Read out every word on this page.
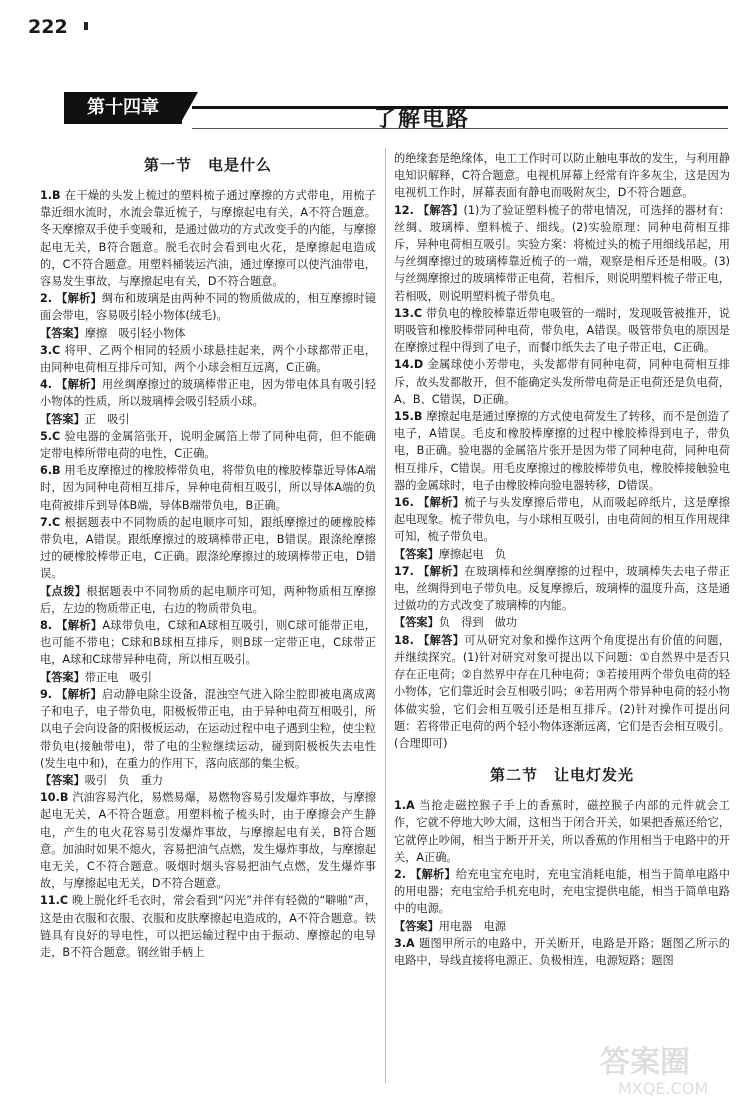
222
第十四章	了解电路
第一节　电是什么

1.B 在干燥的头发上梳过的塑料梳子通过摩擦的方式带电，用梳子靠近细水流时，水流会靠近梳子，与摩擦起电有关，A不符合题意。冬天摩擦双手使手变暖和，是通过做功的方式改变手的内能，与摩擦起电无关，B符合题意。脱毛衣时会看到电火花，是摩擦起电造成的，C不符合题意。用塑料桶装运汽油，通过摩擦可以使汽油带电，容易发生事故，与摩擦起电有关，D不符合题意。

2. 【解析】绸布和玻璃是由两种不同的物质做成的，相互摩擦时镜面会带电，容易吸引轻小物体(绒毛)。

【答案】摩擦　吸引轻小物体

3.C 将甲、乙两个相同的轻质小球悬挂起来，两个小球都带正电，由同种电荷相互排斥可知，两个小球会相互远离，C正确。

4. 【解析】用丝绸摩擦过的玻璃棒带正电，因为带电体具有吸引轻小物体的性质，所以玻璃棒会吸引轻质小球。

【答案】正　吸引

5.C 验电器的金属箔张开，说明金属箔上带了同种电荷，但不能确定带电棒所带电荷的电性，C正确。

6.B 用毛皮摩擦过的橡胶棒带负电，将带负电的橡胶棒靠近导体A端时，因为同种电荷相互排斥，异种电荷相互吸引，所以导体A端的负电荷被排斥到导体B端，导体B端带负电，B正确。

7.C 根据题表中不同物质的起电顺序可知，跟纸摩擦过的硬橡胶棒带负电，A错误。跟纸摩擦过的玻璃棒带正电，B错误。跟涤纶摩擦过的硬橡胶棒带正电，C正确。跟涤纶摩擦过的玻璃棒带正电，D错误。

【点拨】根据题表中不同物质的起电顺序可知，两种物质相互摩擦后，左边的物质带正电，右边的物质带负电。

8. 【解析】A球带负电，C球和A球相互吸引，则C球可能带正电，也可能不带电；C球和B球相互排斥，则B球一定带正电，C球带正电，A球和C球带异种电荷，所以相互吸引。

【答案】带正电　吸引

9. 【解析】启动静电除尘设备，混浊空气进入除尘腔即被电离成离子和电子，电子带负电，阳极板带正电，由于异种电荷互相吸引，所以电子会向设备的阳极板运动，在运动过程中电子遇到尘粒，使尘粒带负电(接触带电)，带了电的尘粒继续运动，碰到阳极板失去电性(发生电中和)，在重力的作用下，落向底部的集尘板。

【答案】吸引　负　重力

10.B 汽油容易汽化，易燃易爆，易燃物容易引发爆炸事故，与摩擦起电无关，A不符合题意。用塑料梳子梳头时，由于摩擦会产生静电，产生的电火花容易引发爆炸事故，与摩擦起电有关，B符合题意。加油时如果不熄火，容易把油气点燃，发生爆炸事故，与摩擦起电无关，C不符合题意。吸烟时烟头容易把油气点燃，发生爆炸事故，与摩擦起电无关，D不符合题意。

11.C 晚上脱化纤毛衣时，常会看到“闪光”并伴有轻微的“噼啪”声，这是由衣服和衣服、衣服和皮肤摩擦起电造成的，A不符合题意。铁链具有良好的导电性，可以把运输过程中由于振动、摩擦起的电导走，B不符合题意。钢丝钳手柄上

的绝缘套是绝缘体，电工工作时可以防止触电事故的发生，与利用静电知识解释，C符合题意。电视机屏幕上经常有许多灰尘，这是因为电视机工作时，屏幕表面有静电而吸附灰尘，D不符合题意。

12. 【解答】(1)为了验证塑料梳子的带电情况，可选择的器材有：丝绸、玻璃棒、塑料梳子、细线。(2)实验原理：同种电荷相互排斥，异种电荷相互吸引。实验方案：将梳过头的梳子用细线吊起，用与丝绸摩擦过的玻璃棒靠近梳子的一端，观察是相斥还是相吸。(3)与丝绸摩擦过的玻璃棒带正电荷，若相斥，则说明塑料梳子带正电，若相吸，则说明塑料梳子带负电。

13.C 带负电的橡胶棒靠近带电吸管的一端时，发现吸管被推开，说明吸管和橡胶棒带同种电荷，带负电，A错误。吸管带负电的原因是在摩擦过程中得到了电子，而餐巾纸失去了电子带正电，C正确。

14.D 金属球使小芳带电，头发都带有同种电荷，同种电荷相互排斥，故头发都散开，但不能确定头发所带电荷是正电荷还是负电荷，A、B、C错误，D正确。

15.B 摩擦起电是通过摩擦的方式使电荷发生了转移，而不是创造了电子，A错误。毛皮和橡胶棒摩擦的过程中橡胶棒得到电子，带负电，B正确。验电器的金属箔片张开是因为带了同种电荷，同种电荷相互排斥，C错误。用毛皮摩擦过的橡胶棒带负电，橡胶棒接触验电器的金属球时，电子由橡胶棒向验电器转移，D错误。

16. 【解析】梳子与头发摩擦后带电，从而吸起碎纸片，这是摩擦起电现象。梳子带负电，与小球相互吸引，由电荷间的相互作用规律可知，梳子带负电。

【答案】摩擦起电　负

17. 【解析】在玻璃棒和丝绸摩擦的过程中，玻璃棒失去电子带正电，丝绸得到电子带负电。反复摩擦后，玻璃棒的温度升高，这是通过做功的方式改变了玻璃棒的内能。

【答案】负　得到　做功

18. 【解答】可从研究对象和操作这两个角度提出有价值的问题，并继续探究。(1)针对研究对象可提出以下问题：①自然界中是否只存在正电荷；②自然界中存在几种电荷；③若接用两个带负电荷的轻小物体，它们靠近时会互相吸引吗；④若用两个带异种电荷的轻小物体做实验，它们会相互吸引还是相互排斥。(2)针对操作可提出问题：若将带正电荷的两个轻小物体逐渐远离，它们是否会相互吸引。(合理即可)

第二节　让电灯发光

1.A 当抢走磁控猴子手上的香蕉时，磁控猴子内部的元件就会工作，它就不停地大吵大闹，这相当于闭合开关，如果把香蕉还给它，它就停止吵闹，相当于断开开关，所以香蕉的作用相当于电路中的开关，A正确。

2. 【解析】给充电宝充电时，充电宝消耗电能，相当于简单电路中的用电器；充电宝给手机充电时，充电宝提供电能，相当于简单电路中的电源。

【答案】用电器　电源

3.A 题图甲所示的电路中，开关断开，电路是开路；题图乙所示的电路中，导线直接将电源正、负极相连，电源短路；题图

答案圈
MXQE.COM
